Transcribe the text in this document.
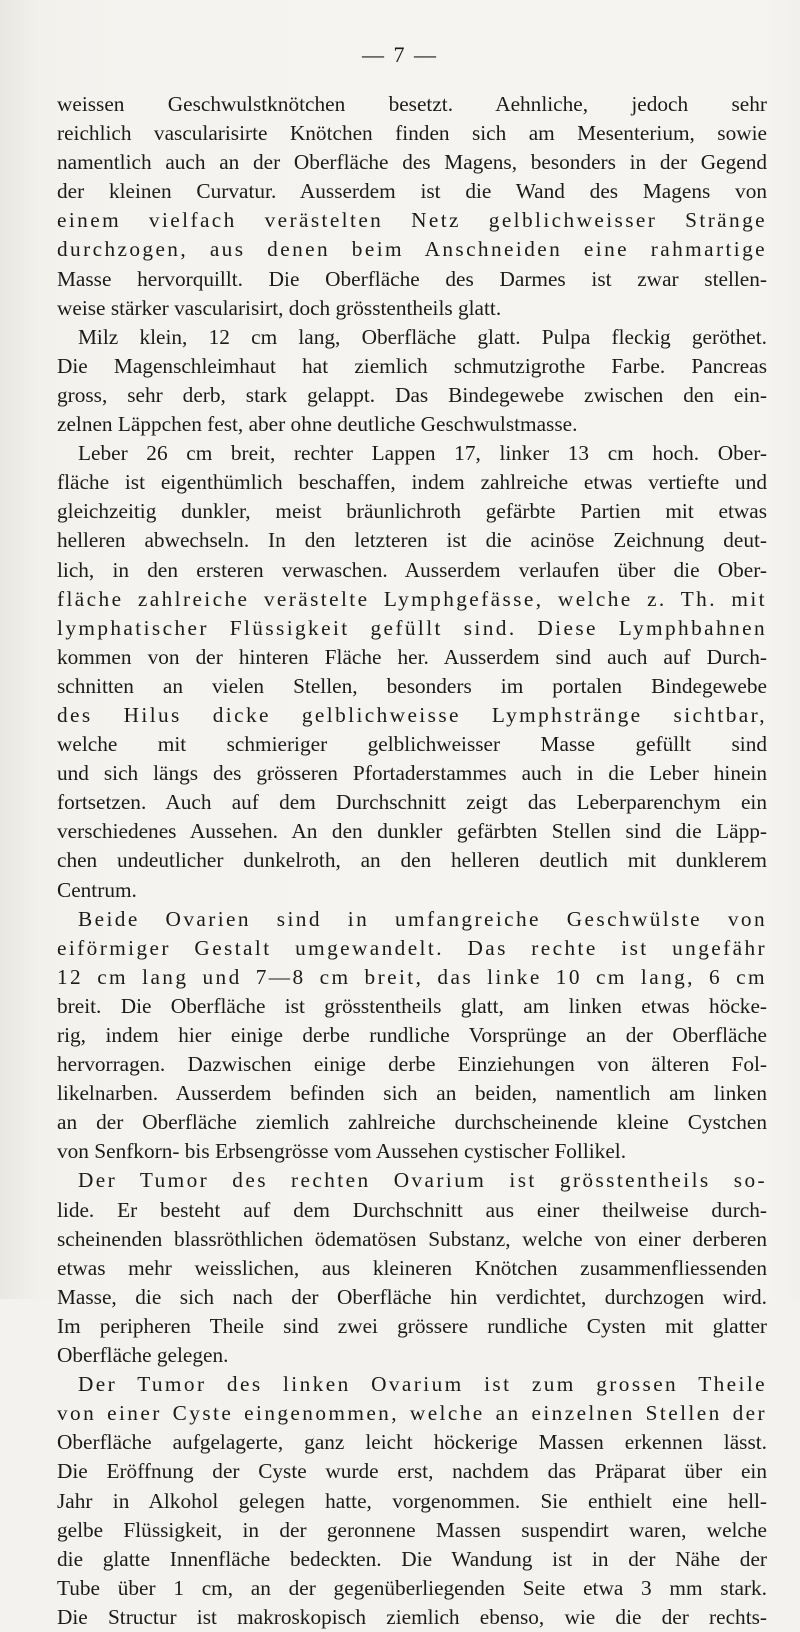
— 7 —
weissen Geschwulstknötchen besetzt. Aehnliche, jedoch sehr
reichlich vascularisirte Knötchen finden sich am Mesenterium, sowie
namentlich auch an der Oberfläche des Magens, besonders in der Gegend
der kleinen Curvatur. Ausserdem ist die Wand des Magens von
einem vielfach verästelten Netz gelblichweisser Stränge
durchzogen, aus denen beim Anschneiden eine rahmartige
Masse hervorquillt. Die Oberfläche des Darmes ist zwar stellen-
weise stärker vascularisirt, doch grösstentheils glatt.
Milz klein, 12 cm lang, Oberfläche glatt. Pulpa fleckig geröthet.
Die Magenschleimhaut hat ziemlich schmutzigrothe Farbe. Pancreas
gross, sehr derb, stark gelappt. Das Bindegewebe zwischen den ein-
zelnen Läppchen fest, aber ohne deutliche Geschwulstmasse.
Leber 26 cm breit, rechter Lappen 17, linker 13 cm hoch. Ober-
fläche ist eigenthümlich beschaffen, indem zahlreiche etwas vertiefte und
gleichzeitig dunkler, meist bräunlichroth gefärbte Partien mit etwas
helleren abwechseln. In den letzteren ist die acinöse Zeichnung deut-
lich, in den ersteren verwaschen. Ausserdem verlaufen über die Ober-
fläche zahlreiche verästelte Lymphgefässe, welche z. Th. mit
lymphatischer Flüssigkeit gefüllt sind. Diese Lymphbahnen
kommen von der hinteren Fläche her. Ausserdem sind auch auf Durch-
schnitten an vielen Stellen, besonders im portalen Bindegewebe
des Hilus dicke gelblichweisse Lymphstränge sichtbar,
welche mit schmieriger gelblichweisser Masse gefüllt sind
und sich längs des grösseren Pfortaderstammes auch in die Leber hinein
fortsetzen. Auch auf dem Durchschnitt zeigt das Leberparenchym ein
verschiedenes Aussehen. An den dunkler gefärbten Stellen sind die Läpp-
chen undeutlicher dunkelroth, an den helleren deutlich mit dunklerem
Centrum.
Beide Ovarien sind in umfangreiche Geschwülste von
eiförmiger Gestalt umgewandelt. Das rechte ist ungefähr
12 cm lang und 7—8 cm breit, das linke 10 cm lang, 6 cm
breit. Die Oberfläche ist grösstentheils glatt, am linken etwas höcke-
rig, indem hier einige derbe rundliche Vorsprünge an der Oberfläche
hervorragen. Dazwischen einige derbe Einziehungen von älteren Fol-
likelnarben. Ausserdem befinden sich an beiden, namentlich am linken
an der Oberfläche ziemlich zahlreiche durchscheinende kleine Cystchen
von Senfkorn- bis Erbsengrösse vom Aussehen cystischer Follikel.
Der Tumor des rechten Ovarium ist grösstentheils so-
lide. Er besteht auf dem Durchschnitt aus einer theilweise durch-
scheinenden blassröthlichen ödematösen Substanz, welche von einer derberen
etwas mehr weisslichen, aus kleineren Knötchen zusammenfliessenden
Masse, die sich nach der Oberfläche hin verdichtet, durchzogen wird.
Im peripheren Theile sind zwei grössere rundliche Cysten mit glatter
Oberfläche gelegen.
Der Tumor des linken Ovarium ist zum grossen Theile
von einer Cyste eingenommen, welche an einzelnen Stellen der
Oberfläche aufgelagerte, ganz leicht höckerige Massen erkennen lässt.
Die Eröffnung der Cyste wurde erst, nachdem das Präparat über ein
Jahr in Alkohol gelegen hatte, vorgenommen. Sie enthielt eine hell-
gelbe Flüssigkeit, in der geronnene Massen suspendirt waren, welche
die glatte Innenfläche bedeckten. Die Wandung ist in der Nähe der
Tube über 1 cm, an der gegenüberliegenden Seite etwa 3 mm stark.
Die Structur ist makroskopisch ziemlich ebenso, wie die der rechts-
